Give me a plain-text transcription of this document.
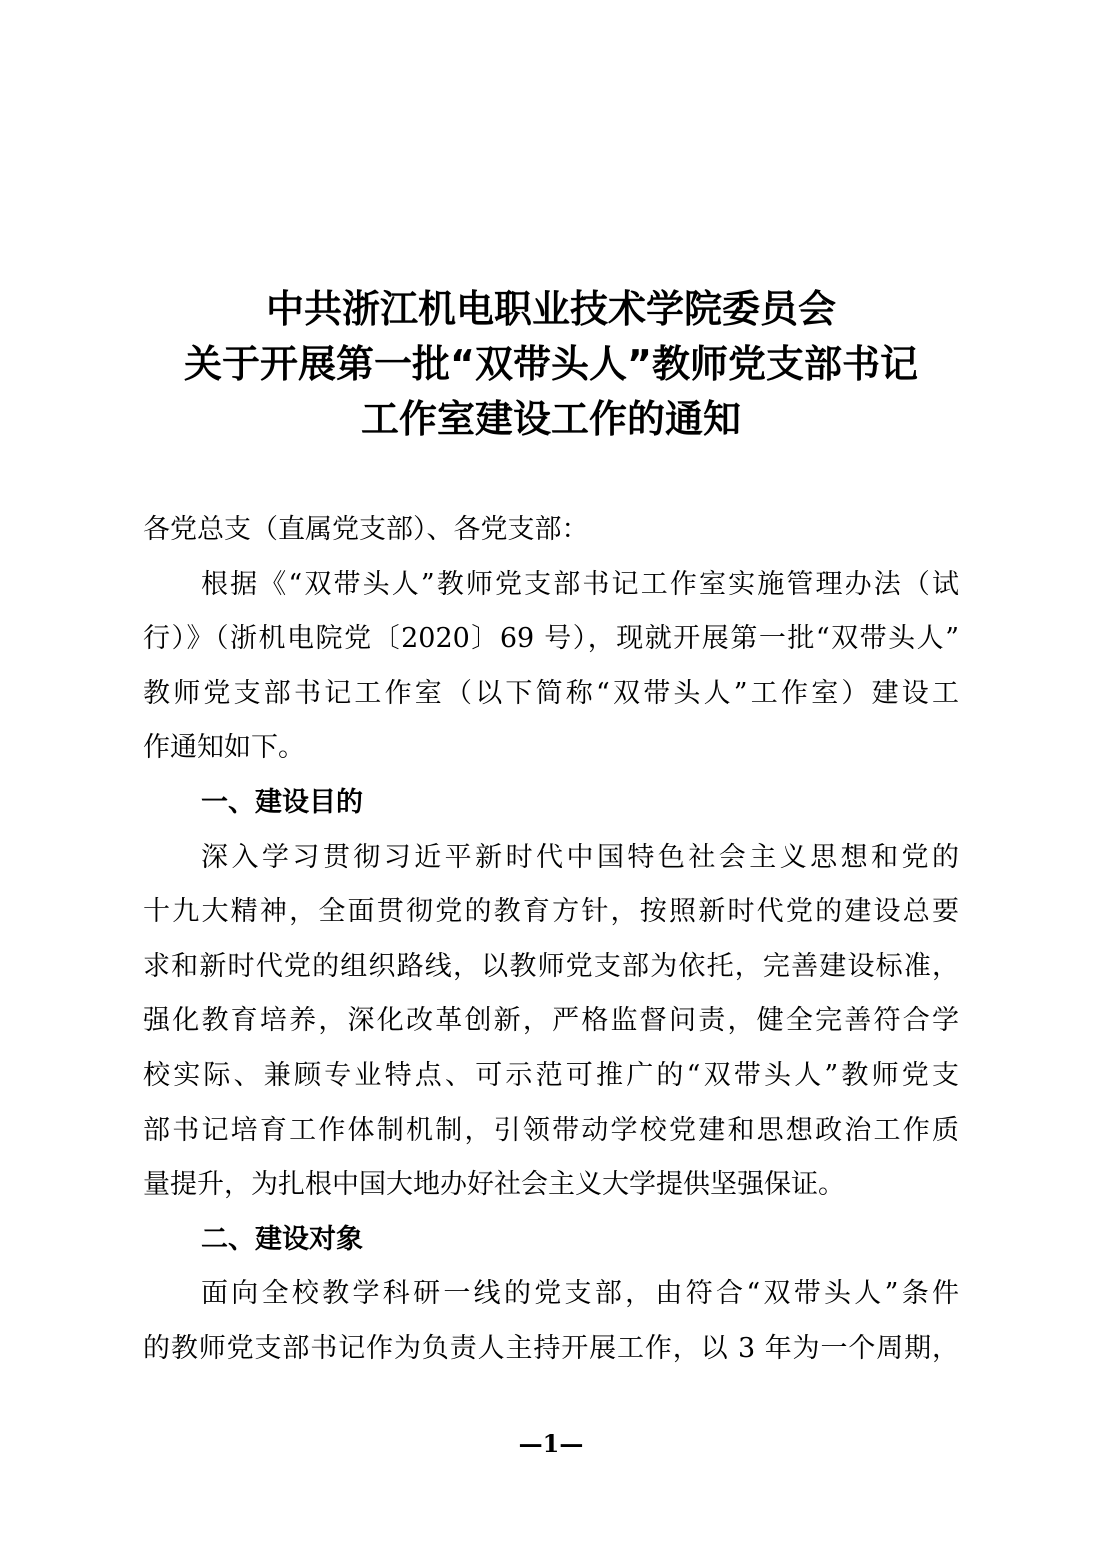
中共浙江机电职业技术学院委员会
关于开展第一批“双带头人”教师党支部书记
工作室建设工作的通知
各党总支（直属党支部）、各党支部：
根据《“双带头人”教师党支部书记工作室实施管理办法（试
行）》（浙机电院党〔2020〕69 号），现就开展第一批“双带头人”
教师党支部书记工作室（以下简称“双带头人”工作室）建设工
作通知如下。
一、建设目的
深入学习贯彻习近平新时代中国特色社会主义思想和党的
十九大精神，全面贯彻党的教育方针，按照新时代党的建设总要
求和新时代党的组织路线，以教师党支部为依托，完善建设标准，
强化教育培养，深化改革创新，严格监督问责，健全完善符合学
校实际、兼顾专业特点、可示范可推广的“双带头人”教师党支
部书记培育工作体制机制，引领带动学校党建和思想政治工作质
量提升，为扎根中国大地办好社会主义大学提供坚强保证。
二、建设对象
面向全校教学科研一线的党支部，由符合“双带头人”条件
的教师党支部书记作为负责人主持开展工作，以 3 年为一个周期，
—1—
